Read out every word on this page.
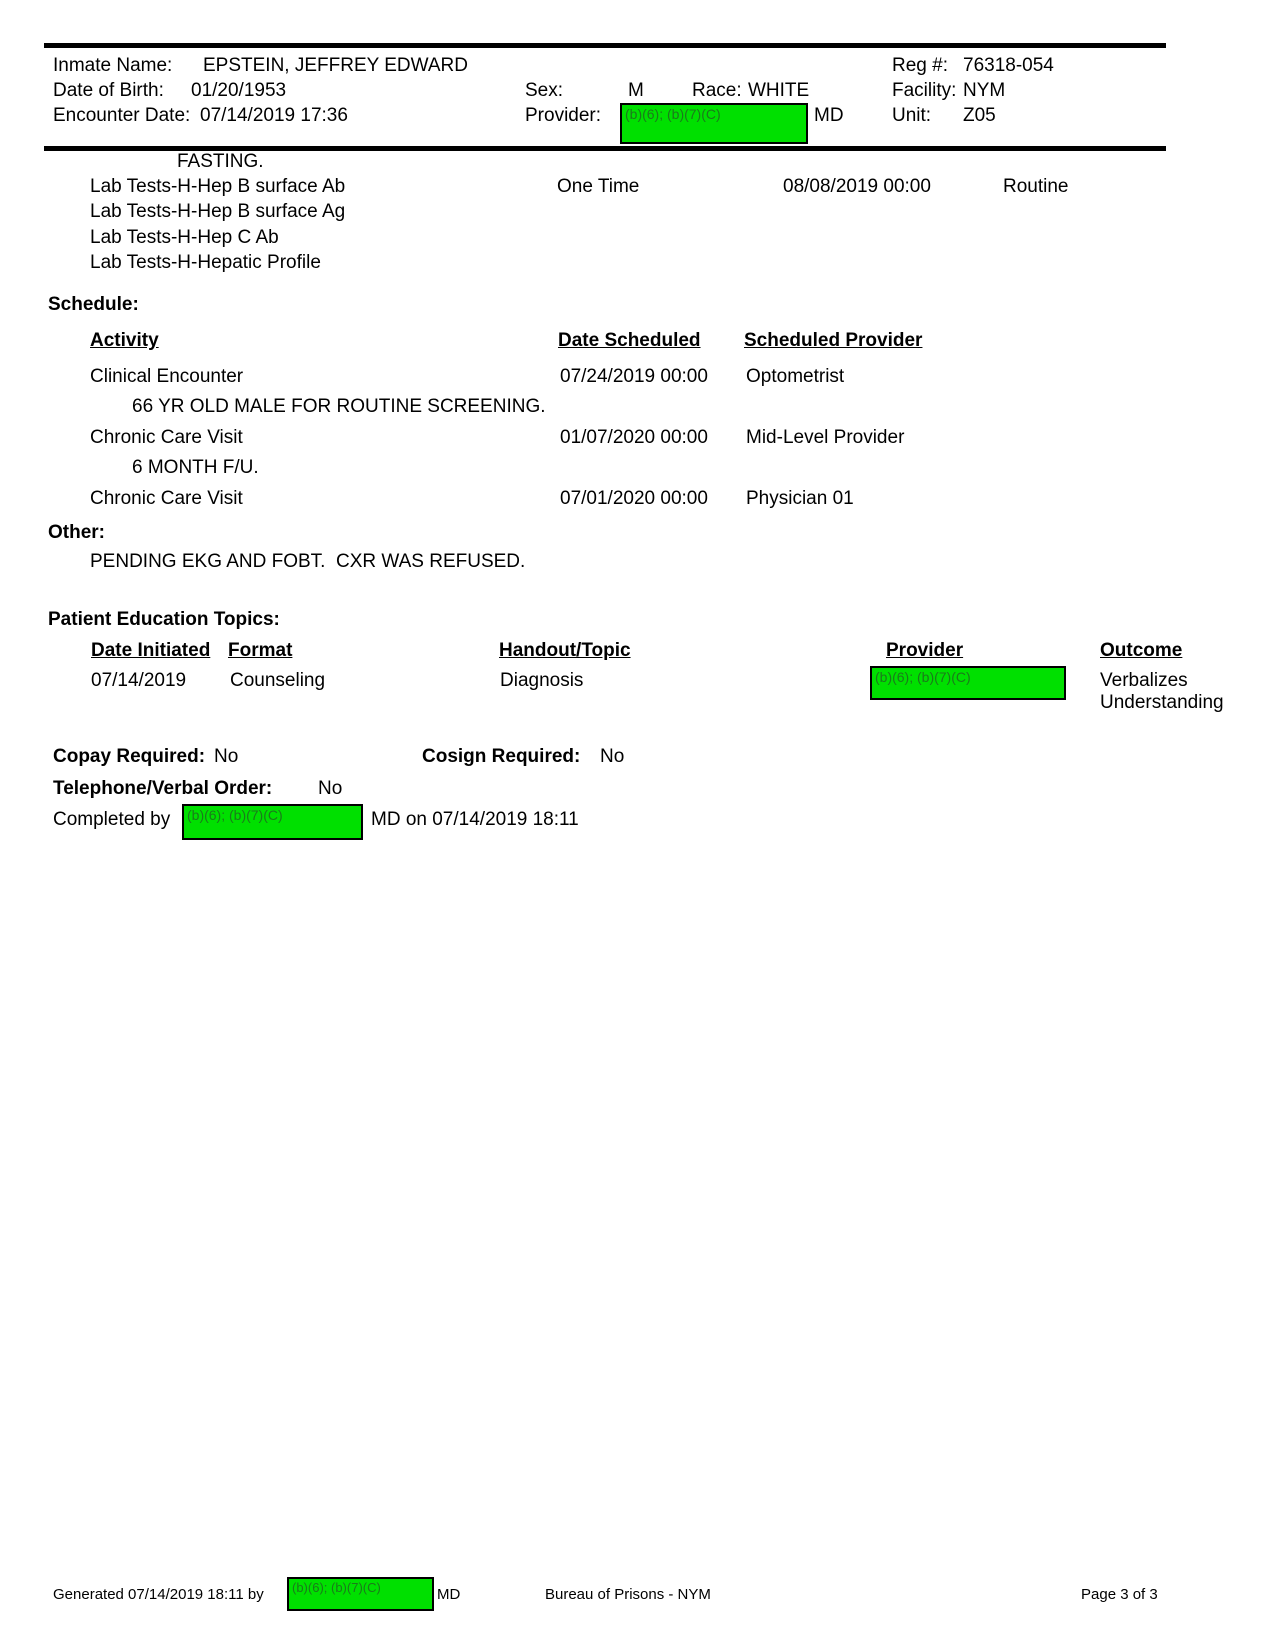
Inmate Name: EPSTEIN, JEFFREY EDWARD	Reg #: 76318-054
Date of Birth: 01/20/1953	Sex:	M	Race: WHITE	Facility: NYM
Encounter Date: 07/14/2019 17:36	Provider: (b)(6); (b)(7)(C)	MD	Unit: Z05
FASTING.
Lab Tests-H-Hep B surface Ab	One Time	08/08/2019 00:00	Routine
Lab Tests-H-Hep B surface Ag
Lab Tests-H-Hep C Ab
Lab Tests-H-Hepatic Profile
Schedule:
Activity	Date Scheduled Scheduled Provider
Clinical Encounter	07/24/2019 00:00 Optometrist
66 YR OLD MALE FOR ROUTINE SCREENING.
Chronic Care Visit	01/07/2020 00:00 Mid-Level Provider
6 MONTH F/U.
Chronic Care Visit	07/01/2020 00:00 Physician 01
Other:
PENDING EKG AND FOBT.  CXR WAS REFUSED.
Patient Education Topics:
Date Initiated Format	Handout/Topic	Provider	Outcome
07/14/2019 Counseling	Diagnosis	(b)(6); (b)(7)(C)	Verbalizes
Understanding
Copay Required: No	Cosign Required: No
Telephone/Verbal Order: No
Completed by (b)(6); (b)(7)(C)	MD on 07/14/2019 18:11
Generated 07/14/2019 18:11 by (b)(6); (b)(7)(C)	MD	Bureau of Prisons - NYM	Page 3 of 3
